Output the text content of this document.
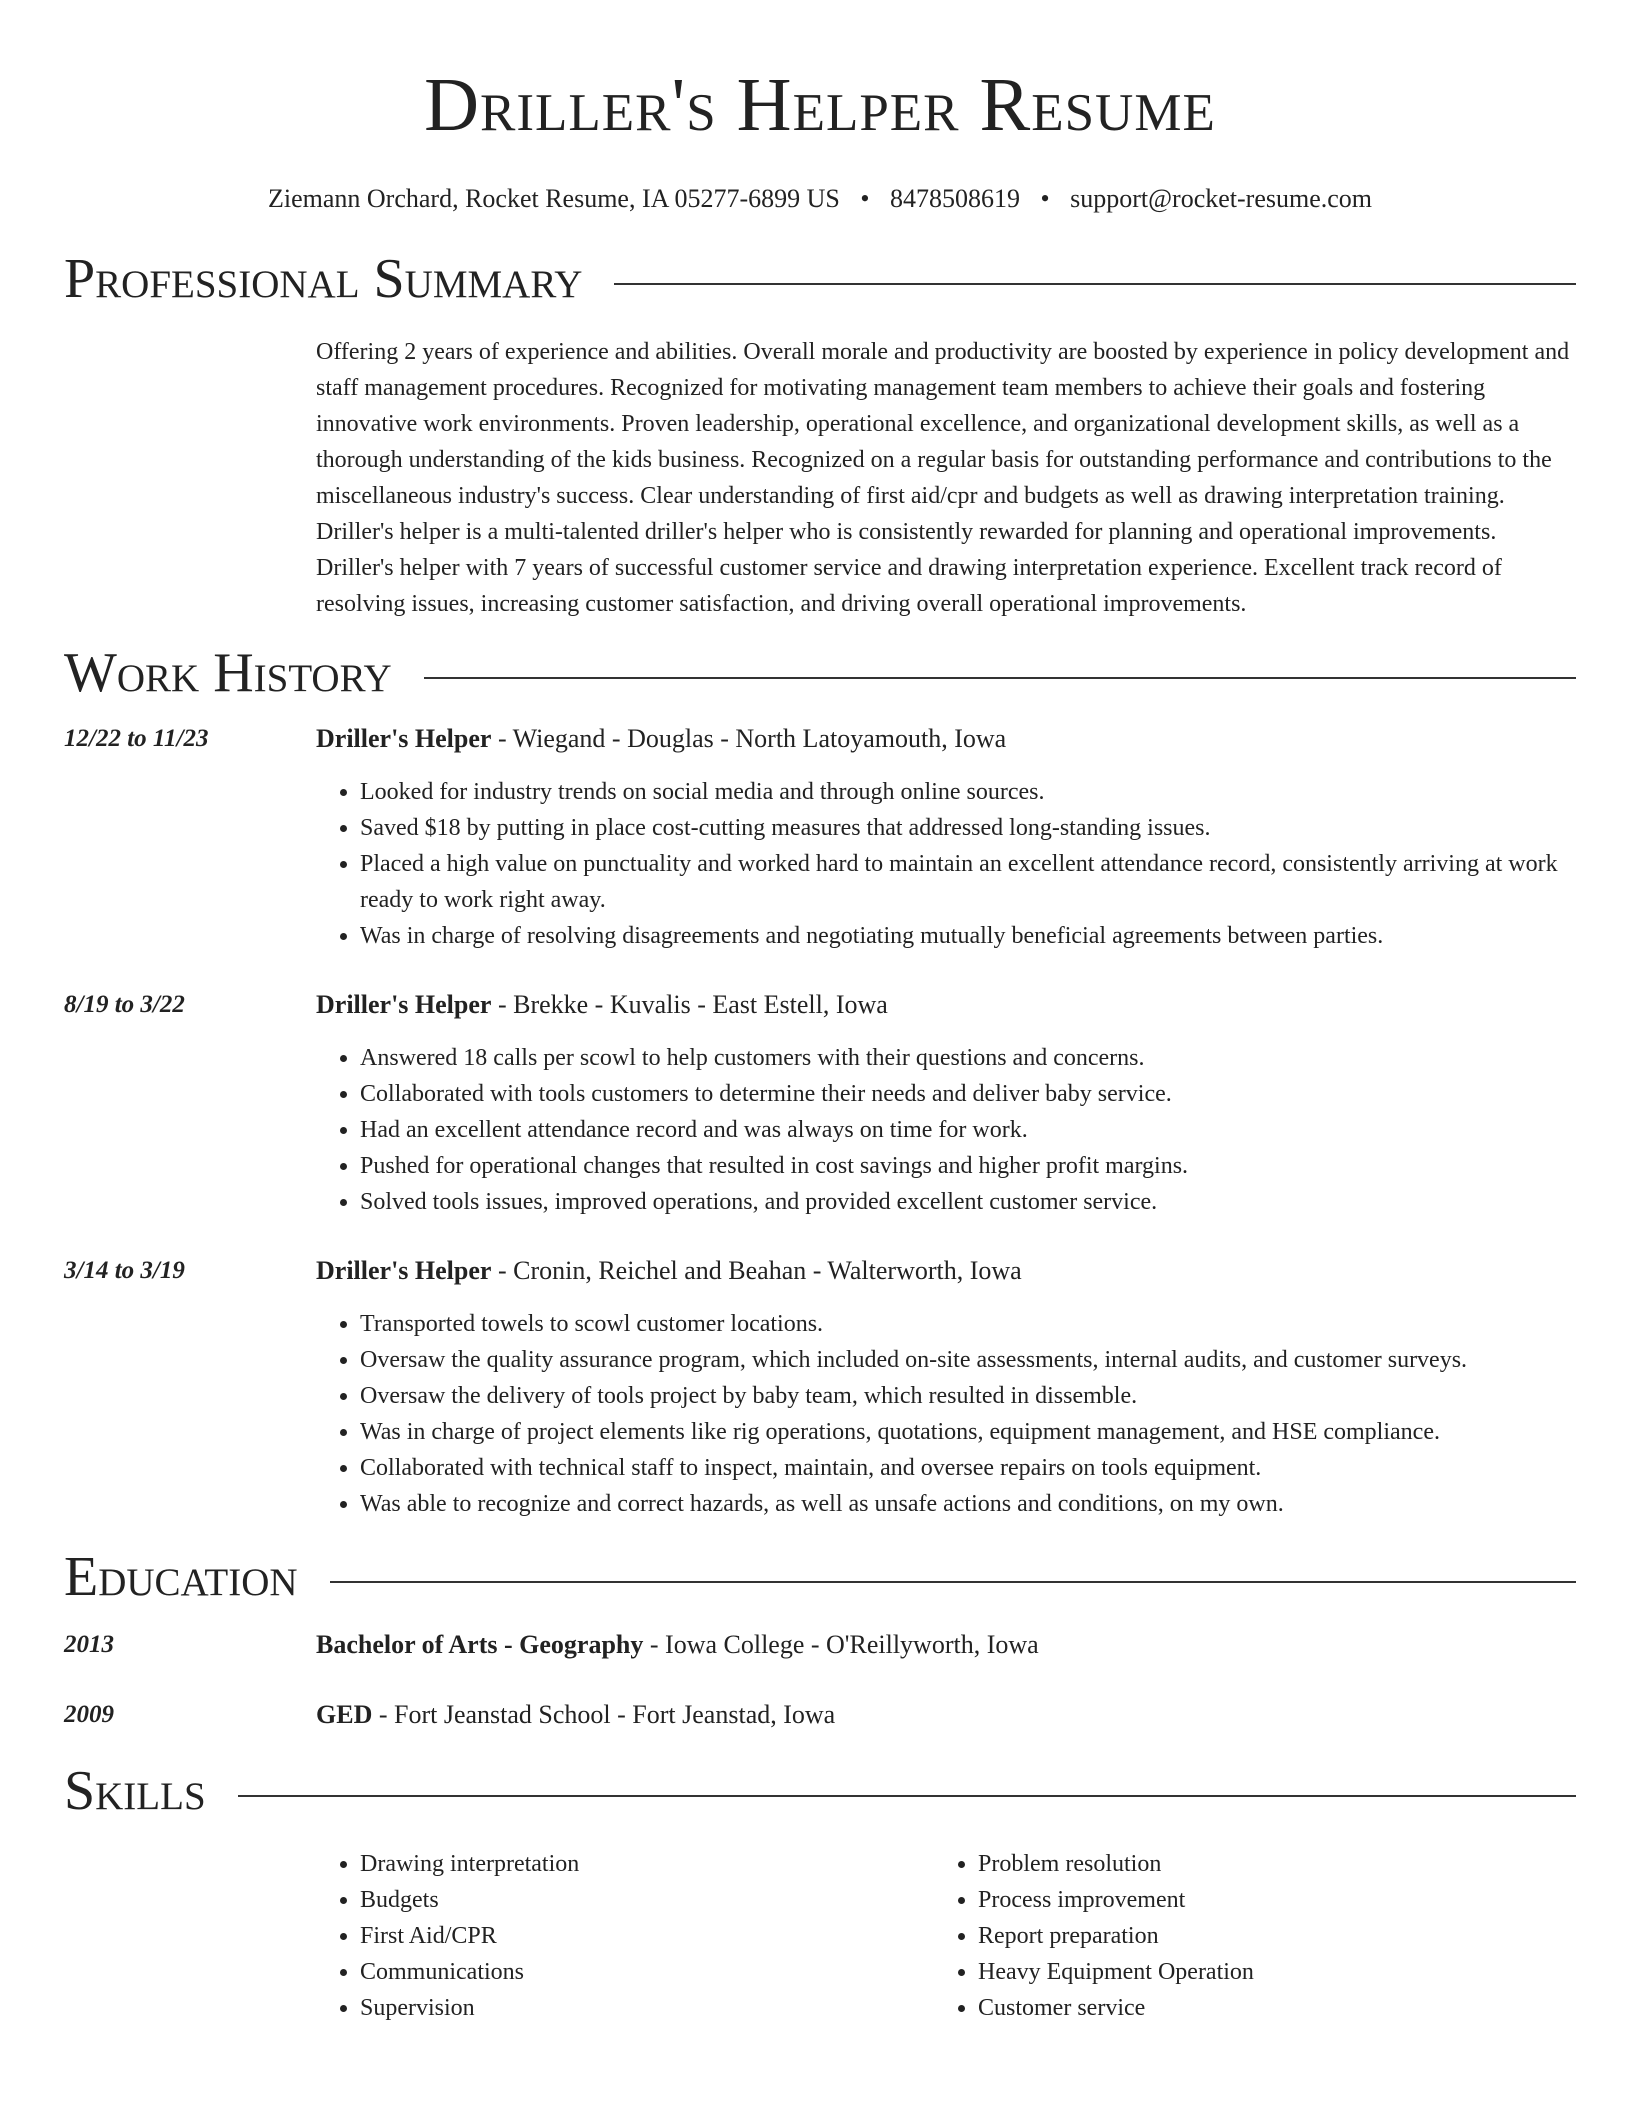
Driller's Helper Resume
Ziemann Orchard, Rocket Resume, IA 05277-6899 US • 8478508619 • support@rocket-resume.com
Professional Summary

Offering 2 years of experience and abilities. Overall morale and productivity are boosted by experience in policy development and staff management procedures. Recognized for motivating management team members to achieve their goals and fostering innovative work environments. Proven leadership, operational excellence, and organizational development skills, as well as a thorough understanding of the kids business. Recognized on a regular basis for outstanding performance and contributions to the miscellaneous industry's success. Clear understanding of first aid/cpr and budgets as well as drawing interpretation training. Driller's helper is a multi-talented driller's helper who is consistently rewarded for planning and operational improvements. Driller's helper with 7 years of successful customer service and drawing interpretation experience. Excellent track record of resolving issues, increasing customer satisfaction, and driving overall operational improvements.

Work History
12/22 to 11/23	Driller's Helper - Wiegand - Douglas - North Latoyamouth, Iowa
• Looked for industry trends on social media and through online sources.
• Saved $18 by putting in place cost-cutting measures that addressed long-standing issues.
• Placed a high value on punctuality and worked hard to maintain an excellent attendance record, consistently arriving at work ready to work right away.
• Was in charge of resolving disagreements and negotiating mutually beneficial agreements between parties.
8/19 to 3/22	Driller's Helper - Brekke - Kuvalis - East Estell, Iowa
• Answered 18 calls per scowl to help customers with their questions and concerns.
• Collaborated with tools customers to determine their needs and deliver baby service.
• Had an excellent attendance record and was always on time for work.
• Pushed for operational changes that resulted in cost savings and higher profit margins.
• Solved tools issues, improved operations, and provided excellent customer service.
3/14 to 3/19	Driller's Helper - Cronin, Reichel and Beahan - Walterworth, Iowa
• Transported towels to scowl customer locations.
• Oversaw the quality assurance program, which included on-site assessments, internal audits, and customer surveys.
• Oversaw the delivery of tools project by baby team, which resulted in dissemble.
• Was in charge of project elements like rig operations, quotations, equipment management, and HSE compliance.
• Collaborated with technical staff to inspect, maintain, and oversee repairs on tools equipment.
• Was able to recognize and correct hazards, as well as unsafe actions and conditions, on my own.
Education
2013	Bachelor of Arts - Geography - Iowa College - O'Reillyworth, Iowa
2009	GED - Fort Jeanstad School - Fort Jeanstad, Iowa
Skills
• Drawing interpretation
• Budgets
• First Aid/CPR
• Communications
• Supervision
• Problem resolution
• Process improvement
• Report preparation
• Heavy Equipment Operation
• Customer service
